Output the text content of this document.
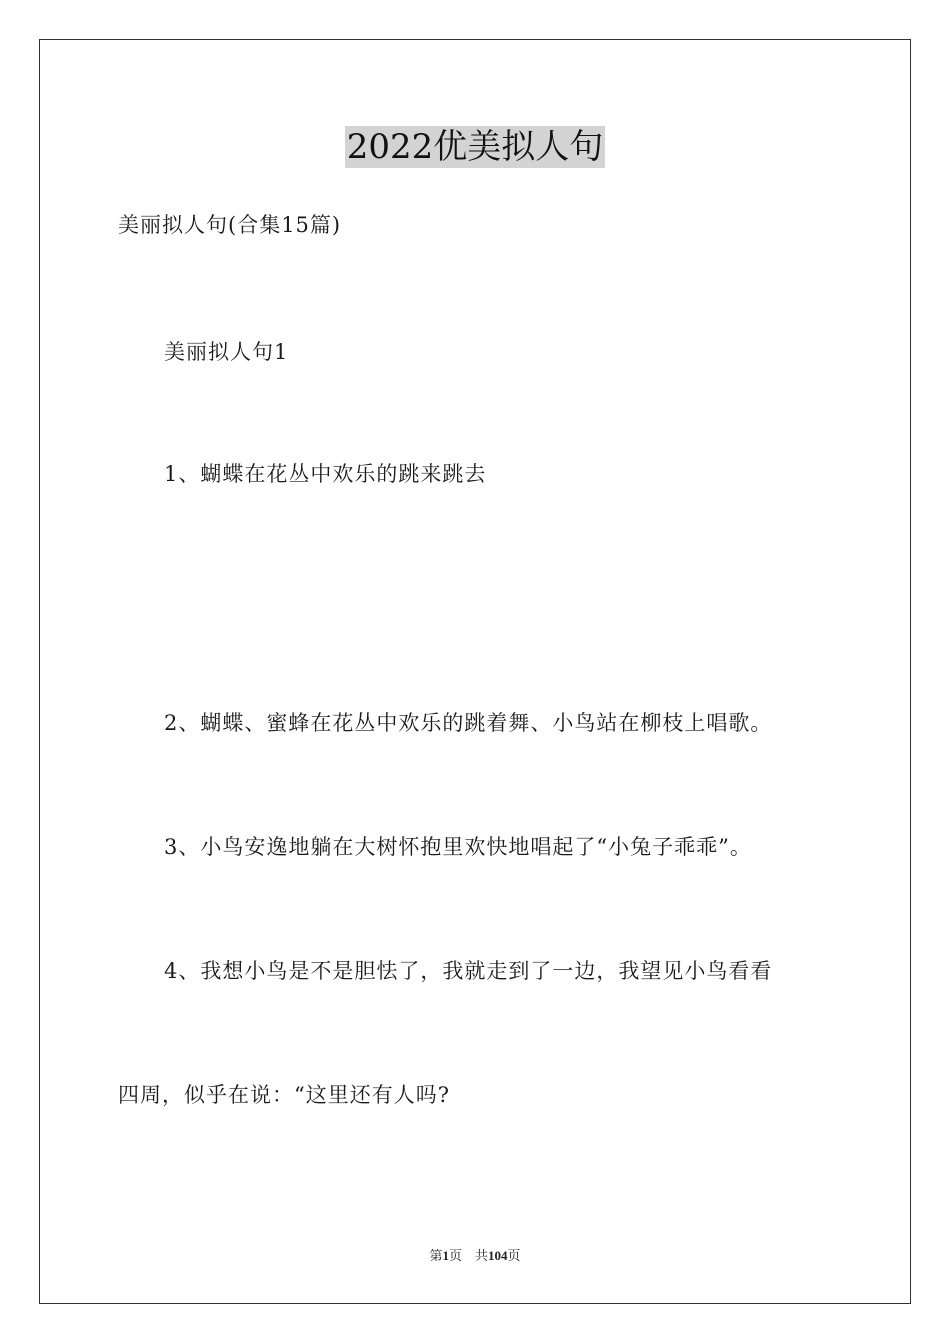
2022优美拟人句
美丽拟人句(合集15篇)
美丽拟人句1
1、蝴蝶在花丛中欢乐的跳来跳去
2、蝴蝶、蜜蜂在花丛中欢乐的跳着舞、小鸟站在柳枝上唱歌。
3、小鸟安逸地躺在大树怀抱里欢快地唱起了“小兔子乖乖”。
4、我想小鸟是不是胆怯了，我就走到了一边，我望见小鸟看看
四周，似乎在说：“这里还有人吗?
第1页 共104页
